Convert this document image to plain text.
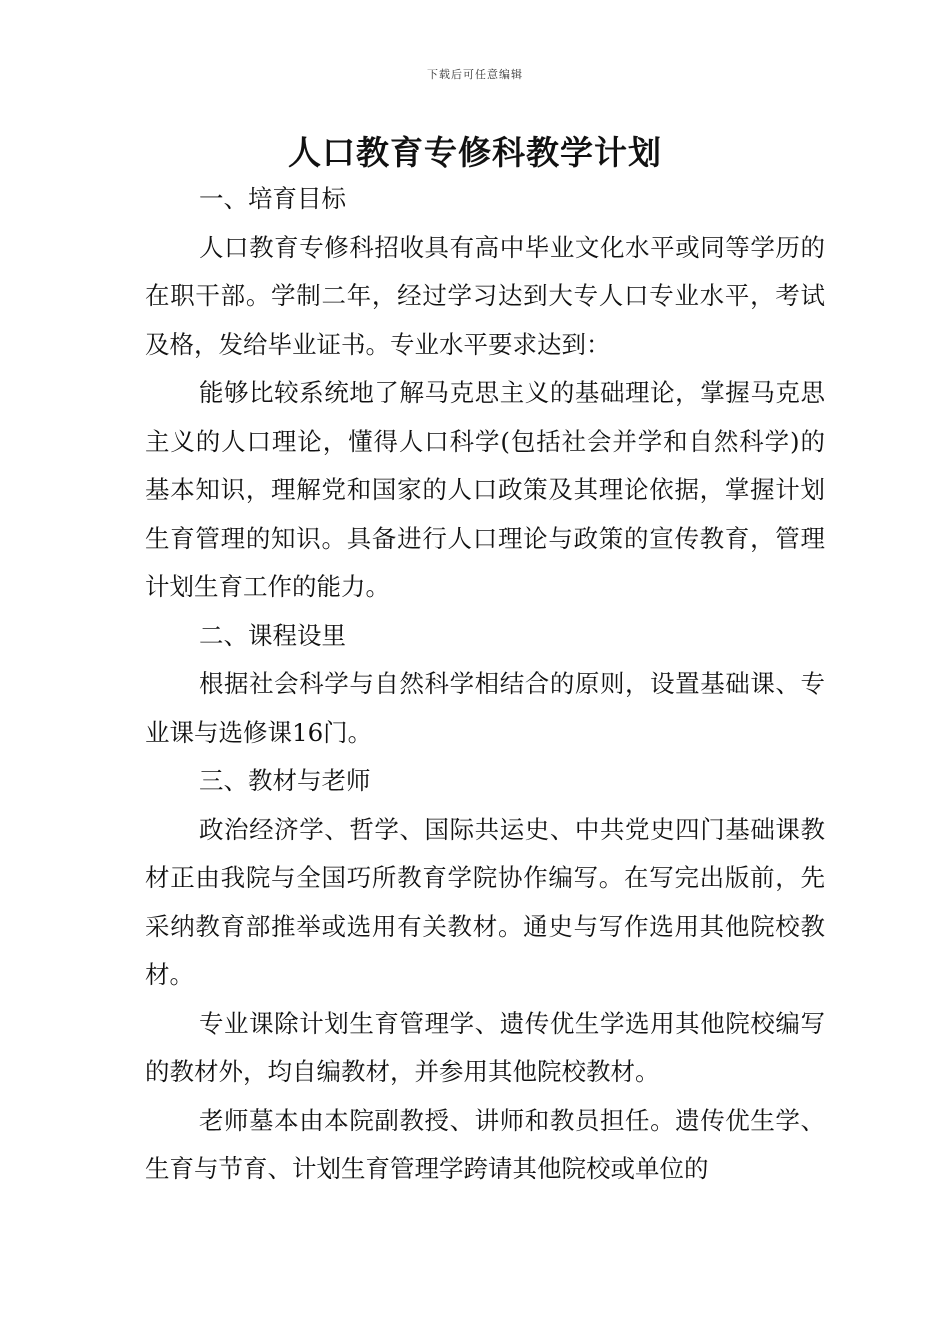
下载后可任意编辑
人口教育专修科教学计划

一、培育目标

人口教育专修科招收具有高中毕业文化水平或同等学历的在职干部。学制二年，经过学习达到大专人口专业水平，考试及格，发给毕业证书。专业水平要求达到：

能够比较系统地了解马克思主义的基础理论，掌握马克思主义的人口理论，懂得人口科学(包括社会并学和自然科学)的基本知识，理解党和国家的人口政策及其理论依据，掌握计划生育管理的知识。具备进行人口理论与政策的宣传教育，管理计划生育工作的能力。

二、课程设里

根据社会科学与自然科学相结合的原则，设置基础课、专业课与选修课16门。

三、教材与老师

政治经济学、哲学、国际共运史、中共党史四门基础课教材正由我院与全国巧所教育学院协作编写。在写完出版前，先采纳教育部推举或选用有关教材。通史与写作选用其他院校教材。

专业课除计划生育管理学、遗传优生学选用其他院校编写的教材外，均自编教材，并参用其他院校教材。

老师墓本由本院副教授、讲师和教员担任。遗传优生学、生育与节育、计划生育管理学跨请其他院校或单位的
